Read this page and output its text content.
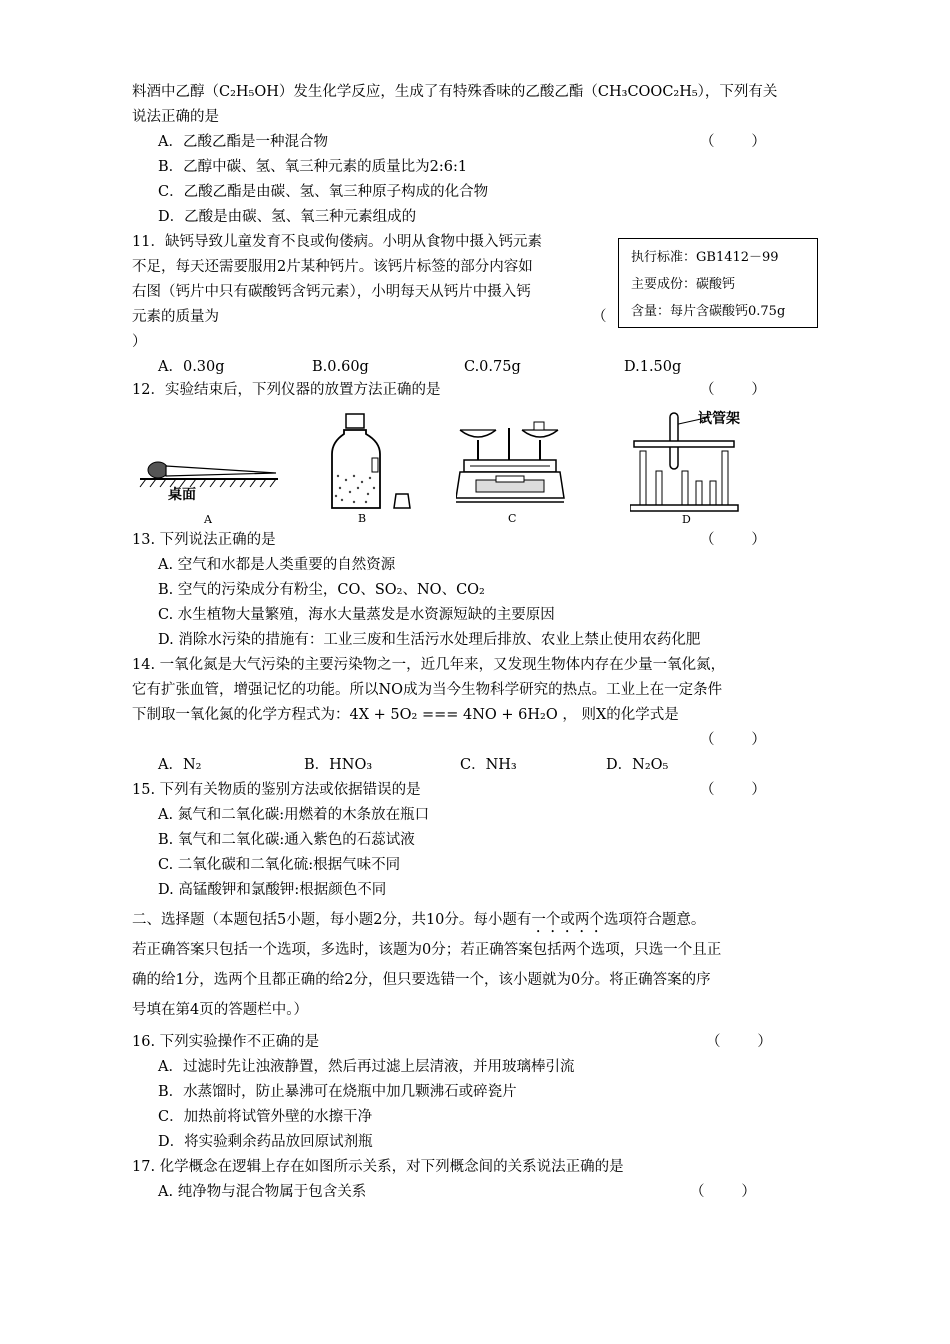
料酒中乙醇（C₂H₅OH）发生化学反应，生成了有特殊香味的乙酸乙酯（CH₃COOC₂H₅），下列有关
说法正确的是
A．乙酸乙酯是一种混合物	（        ）
B．乙醇中碳、氢、氧三种元素的质量比为2:6:1
C．乙酸乙酯是由碳、氢、氧三种原子构成的化合物
D．乙酸是由碳、氢、氧三种元素组成的
11．缺钙导致儿童发育不良或佝偻病。小明从食物中摄入钙元素
不足，每天还需要服用2片某种钙片。该钙片标签的部分内容如
右图（钙片中只有碳酸钙含钙元素），小明每天从钙片中摄入钙
元素的质量为	（
）
执行标准：GB1412－99
主要成份：碳酸钙
含量：每片含碳酸钙0.75g
A．0.30g	B.0.60g	C.0.75g	D.1.50g
12．实验结束后，下列仪器的放置方法正确的是	（        ）
桌面
A	B	C
试管架
D
13. 下列说法正确的是	（        ）
A. 空气和水都是人类重要的自然资源
B. 空气的污染成分有粉尘，CO、SO₂、NO、CO₂
C. 水生植物大量繁殖，海水大量蒸发是水资源短缺的主要原因
D. 消除水污染的措施有：工业三废和生活污水处理后排放、农业上禁止使用农药化肥
14. 一氧化氮是大气污染的主要污染物之一，近几年来，又发现生物体内存在少量一氧化氮，
它有扩张血管，增强记忆的功能。所以NO成为当今生物科学研究的热点。工业上在一定条件
下制取一氧化氮的化学方程式为：4X + 5O₂ === 4NO + 6H₂O ， 则X的化学式是
（        ）
A．N₂	B．HNO₃	C．NH₃	D．N₂O₅
15. 下列有关物质的鉴别方法或依据错误的是	（        ）
A. 氮气和二氧化碳:用燃着的木条放在瓶口
B. 氧气和二氧化碳:通入紫色的石蕊试液
C. 二氧化碳和二氧化硫:根据气味不同
D. 高锰酸钾和氯酸钾:根据颜色不同
二、选择题（本题包括5小题，每小题2分，共10分。每小题有一个或两个选项符合题意。
若正确答案只包括一个选项，多选时，该题为0分；若正确答案包括两个选项，只选一个且正
确的给1分，选两个且都正确的给2分，但只要选错一个，该小题就为0分。将正确答案的序
号填在第4页的答题栏中。）
16. 下列实验操作不正确的是	（        ）
A．过滤时先让浊液静置，然后再过滤上层清液，并用玻璃棒引流
B．水蒸馏时，防止暴沸可在烧瓶中加几颗沸石或碎瓷片
C．加热前将试管外壁的水擦干净
D．将实验剩余药品放回原试剂瓶
17. 化学概念在逻辑上存在如图所示关系，对下列概念间的关系说法正确的是
A. 纯净物与混合物属于包含关系	（        ）
